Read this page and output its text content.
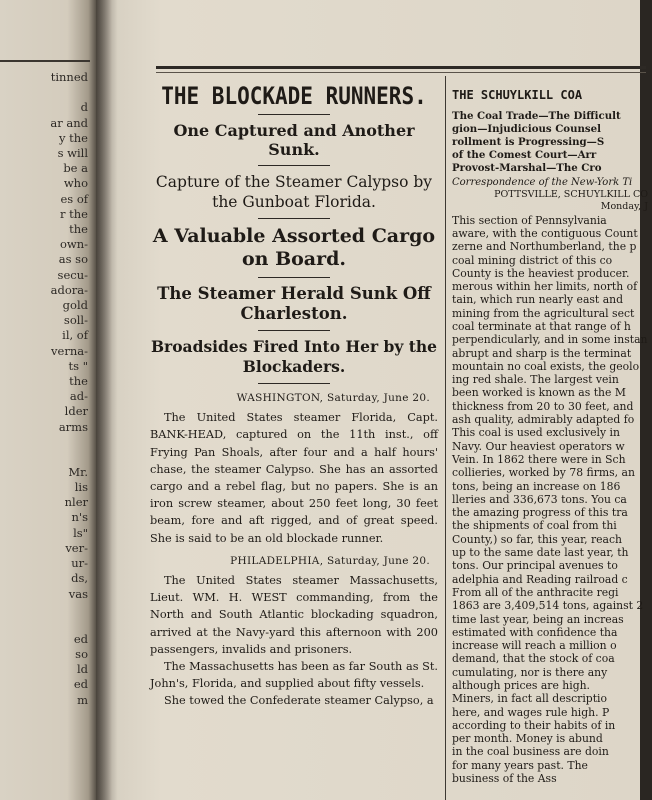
tinned

d
ar and
y the
s will
be a
who
es of
r the
the
own-
as so
secu-
adora-
gold
soll-
il, of
verna-
ts "
the
ad-
lder
arms
Mr.
lis
nler
n's
ls"
ver-
ur-
ds,
vas
ed
so
ld
ed
m
THE BLOCKADE RUNNERS.
One Captured and Another Sunk.
Capture of the Steamer Calypso by the Gunboat Florida.
A Valuable Assorted Cargo on Board.
The Steamer Herald Sunk Off Charleston.
Broadsides Fired Into Her by the Blockaders.
WASHINGTON, Saturday, June 20.

The United States steamer Florida, Capt. BANK-HEAD, captured on the 11th inst., off Frying Pan Shoals, after four and a half hours' chase, the steamer Calypso. She has an assorted cargo and a rebel flag, but no papers. She is an iron screw steamer, about 250 feet long, 30 feet beam, fore and aft rigged, and of great speed. She is said to be an old blockade runner.

PHILADELPHIA, Saturday, June 20.

The United States steamer Massachusetts, Lieut. WM. H. WEST commanding, from the North and South Atlantic blockading squadron, arrived at the Navy-yard this afternoon with 200 passengers, invalids and prisoners.

The Massachusetts has been as far South as St. John's, Florida, and supplied about fifty vessels.

She towed the Confederate steamer Calypso, a

THE SCHUYLKILL COA
The Coal Trade—The Difficult
gion—Injudicious Counsel
rollment is Progressing—S
of the Comest Court—Arr
Provost-Marshal—The Cro
Correspondence of the New-York Ti
POTTSVILLE, SCHUYLKILL CO
Monday, J
This section of Pennsylvania
aware, with the contiguous Count
zerne and Northumberland, the p
coal mining district of this co
County is the heaviest producer.
merous within her limits, north of
tain, which run nearly east and
mining from the agricultural sect
coal terminate at that range of h
perpendicularly, and in some instan
abrupt and sharp is the terminat
mountain no coal exists, the geolo
ing red shale. The largest vein
been worked is known as the M
thickness from 20 to 30 feet, and
ash quality, admirably adapted fo
This coal is used exclusively in
Navy. Our heaviest operators w
Vein. In 1862 there were in Sch
collieries, worked by 78 firms, an
tons, being an increase on 186
lleries and 336,673 tons. You ca
the amazing progress of this tra
the shipments of coal from thi
County,) so far, this year, reach
up to the same date last year, th
tons. Our principal avenues to
adelphia and Reading railroad c
From all of the anthracite regi
1863 are 3,409,514 tons, against 2
time last year, being an increas
estimated with confidence tha
increase will reach a million o
demand, that the stock of coa
cumulating, nor is there any
although prices are high.
Miners, in fact all descriptio
here, and wages rule high. P
according to their habits of in
per month. Money is abund
in the coal business are doin
for many years past. The
business of the Ass
